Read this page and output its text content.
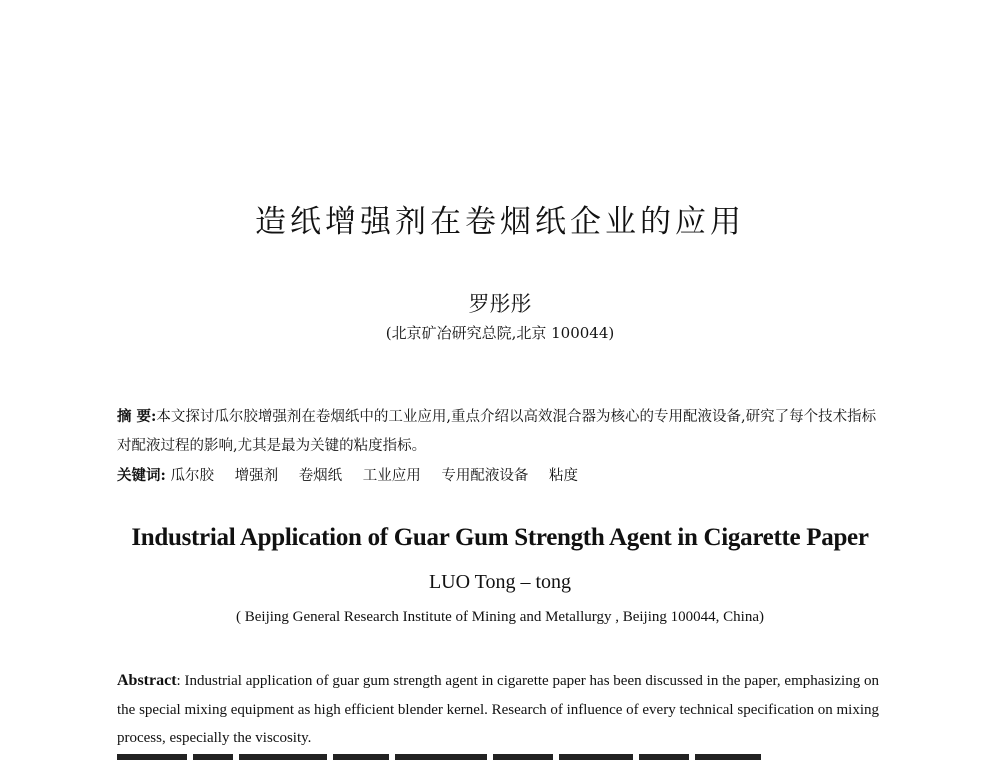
造纸增强剂在卷烟纸企业的应用
罗彤彤
(北京矿冶研究总院,北京 100044)
摘 要:本文探讨瓜尔胶增强剂在卷烟纸中的工业应用,重点介绍以高效混合器为核心的专用配液设备,研究了每个技术指标对配液过程的影响,尤其是最为关键的粘度指标。
关键词: 瓜尔胶 增强剂 卷烟纸 工业应用 专用配液设备 粘度
Industrial Application of Guar Gum Strength Agent in Cigarette Paper
LUO Tong – tong
( Beijing General Research Institute of Mining and Metallurgy , Beijing 100044, China)
Abstract: Industrial application of guar gum strength agent in cigarette paper has been discussed in the paper, emphasizing on the special mixing equipment as high efficient blender kernel. Research of influence of every technical specification on mixing process, especially the viscosity.
